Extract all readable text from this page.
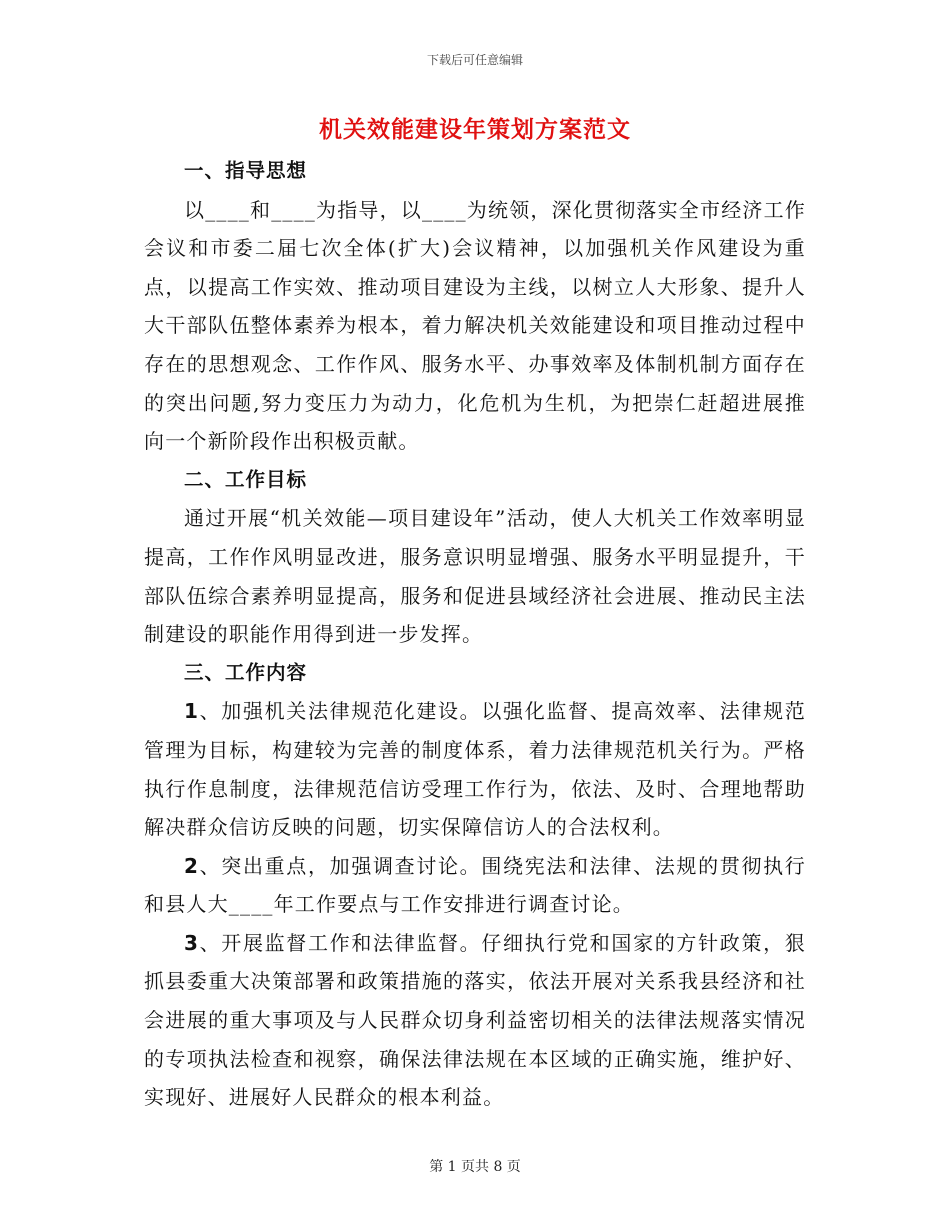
下载后可任意编辑
机关效能建设年策划方案范文

一、指导思想

以____和____为指导，以____为统领，深化贯彻落实全市经济工作会议和市委二届七次全体(扩大)会议精神，以加强机关作风建设为重点，以提高工作实效、推动项目建设为主线，以树立人大形象、提升人大干部队伍整体素养为根本，着力解决机关效能建设和项目推动过程中存在的思想观念、工作作风、服务水平、办事效率及体制机制方面存在的突出问题,努力变压力为动力，化危机为生机，为把崇仁赶超进展推向一个新阶段作出积极贡献。

二、工作目标

通过开展“机关效能—项目建设年”活动，使人大机关工作效率明显提高，工作作风明显改进，服务意识明显增强、服务水平明显提升，干部队伍综合素养明显提高，服务和促进县域经济社会进展、推动民主法制建设的职能作用得到进一步发挥。

三、工作内容

1、加强机关法律规范化建设。以强化监督、提高效率、法律规范管理为目标，构建较为完善的制度体系，着力法律规范机关行为。严格执行作息制度，法律规范信访受理工作行为，依法、及时、合理地帮助解决群众信访反映的问题，切实保障信访人的合法权利。

2、突出重点，加强调查讨论。围绕宪法和法律、法规的贯彻执行和县人大____年工作要点与工作安排进行调查讨论。

3、开展监督工作和法律监督。仔细执行党和国家的方针政策，狠抓县委重大决策部署和政策措施的落实，依法开展对关系我县经济和社会进展的重大事项及与人民群众切身利益密切相关的法律法规落实情况的专项执法检查和视察，确保法律法规在本区域的正确实施，维护好、实现好、进展好人民群众的根本利益。

第 1 页共 8 页
